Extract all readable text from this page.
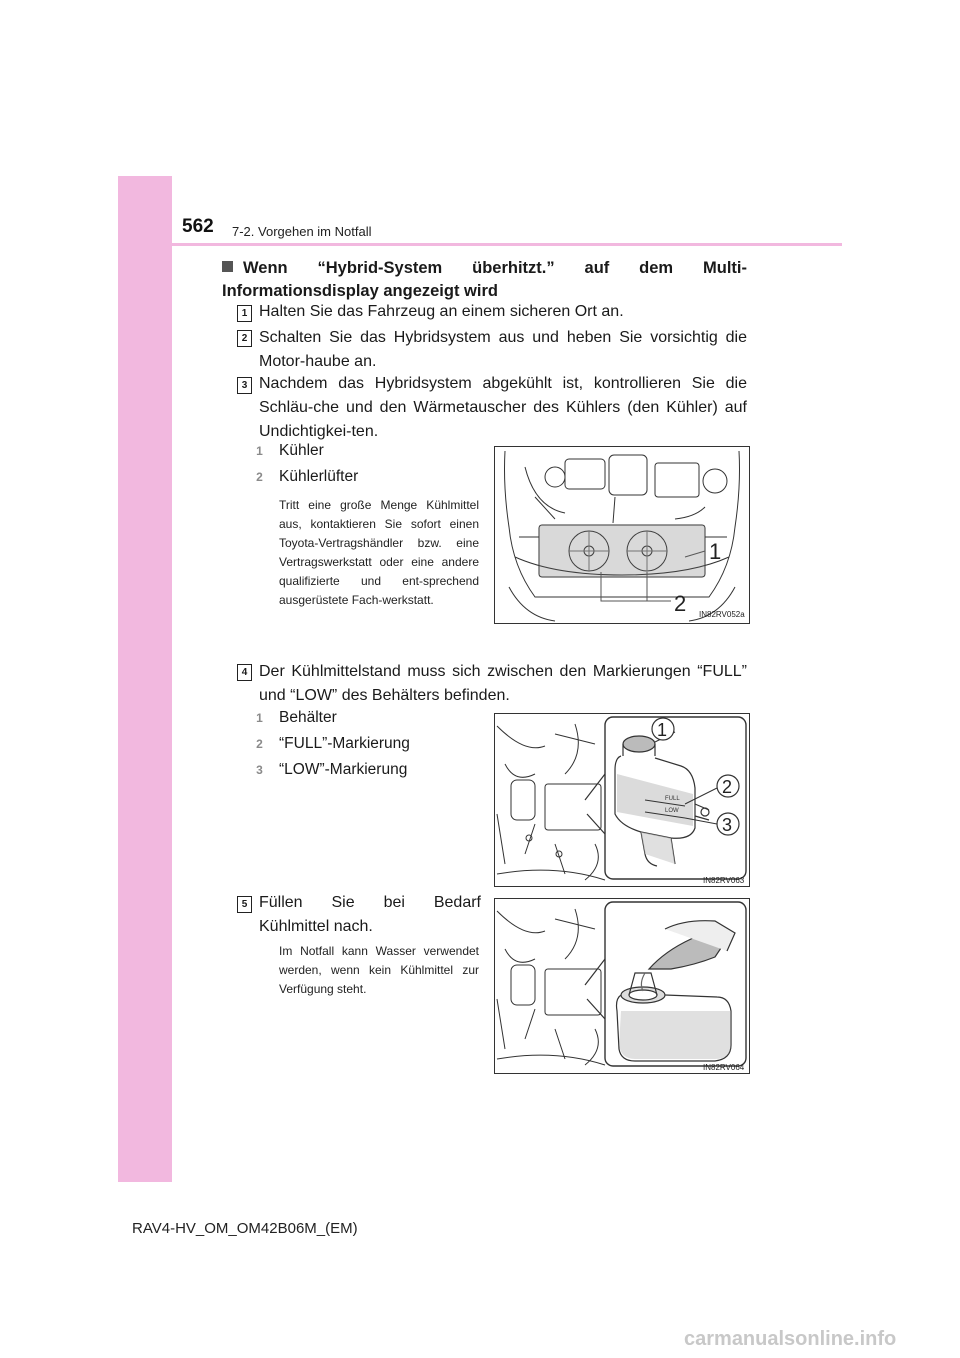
562 7-2. Vorgehen im Notfall
Wenn “Hybrid-System überhitzt.” auf dem Multi-Informationsdisplay angezeigt wird
1 Halten Sie das Fahrzeug an einem sicheren Ort an.
2 Schalten Sie das Hybridsystem aus und heben Sie vorsichtig die Motor-haube an.
3 Nachdem das Hybridsystem abgekühlt ist, kontrollieren Sie die Schläu-che und den Wärmetauscher des Kühlers (den Kühler) auf Undichtigkei-ten.
1 Kühler
2 Kühlerlüfter
Tritt eine große Menge Kühlmittel aus, kontaktieren Sie sofort einen Toyota-Vertragshändler bzw. eine Vertragswerkstatt oder eine andere qualifizierte und ent-sprechend ausgerüstete Fach-werkstatt.
1
2 IN82RV052a
4 Der Kühlmittelstand muss sich zwischen den Markierungen “FULL” und “LOW” des Behälters befinden.
1 Behälter
2 “FULL”-Markierung
3 “LOW”-Markierung
FULL
LOW
1
2
3
IN82RV063
5 Füllen Sie bei Bedarf Kühlmittel nach.
Im Notfall kann Wasser verwendet werden, wenn kein Kühlmittel zur Verfügung steht.
IN82RV064
RAV4-HV_OM_OM42B06M_(EM)
carmanualsonline.info
